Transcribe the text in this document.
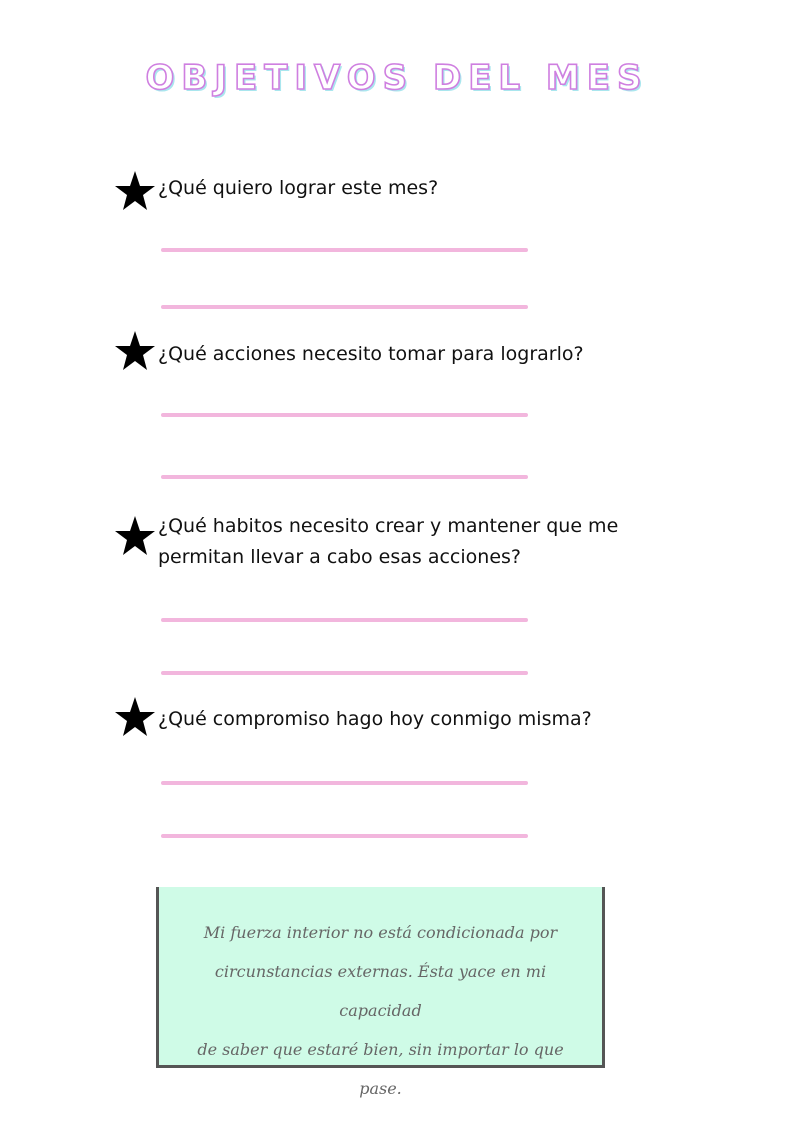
OBJETIVOS DEL MES
¿Qué quiero lograr este mes?
¿Qué acciones necesito tomar para lograrlo?
¿Qué habitos necesito crear y mantener que me
permitan llevar a cabo esas acciones?
¿Qué compromiso hago hoy conmigo misma?
Mi fuerza interior no está condicionada por
circunstancias externas. Ésta yace en mi capacidad
de saber que estaré bien, sin importar lo que pase.
